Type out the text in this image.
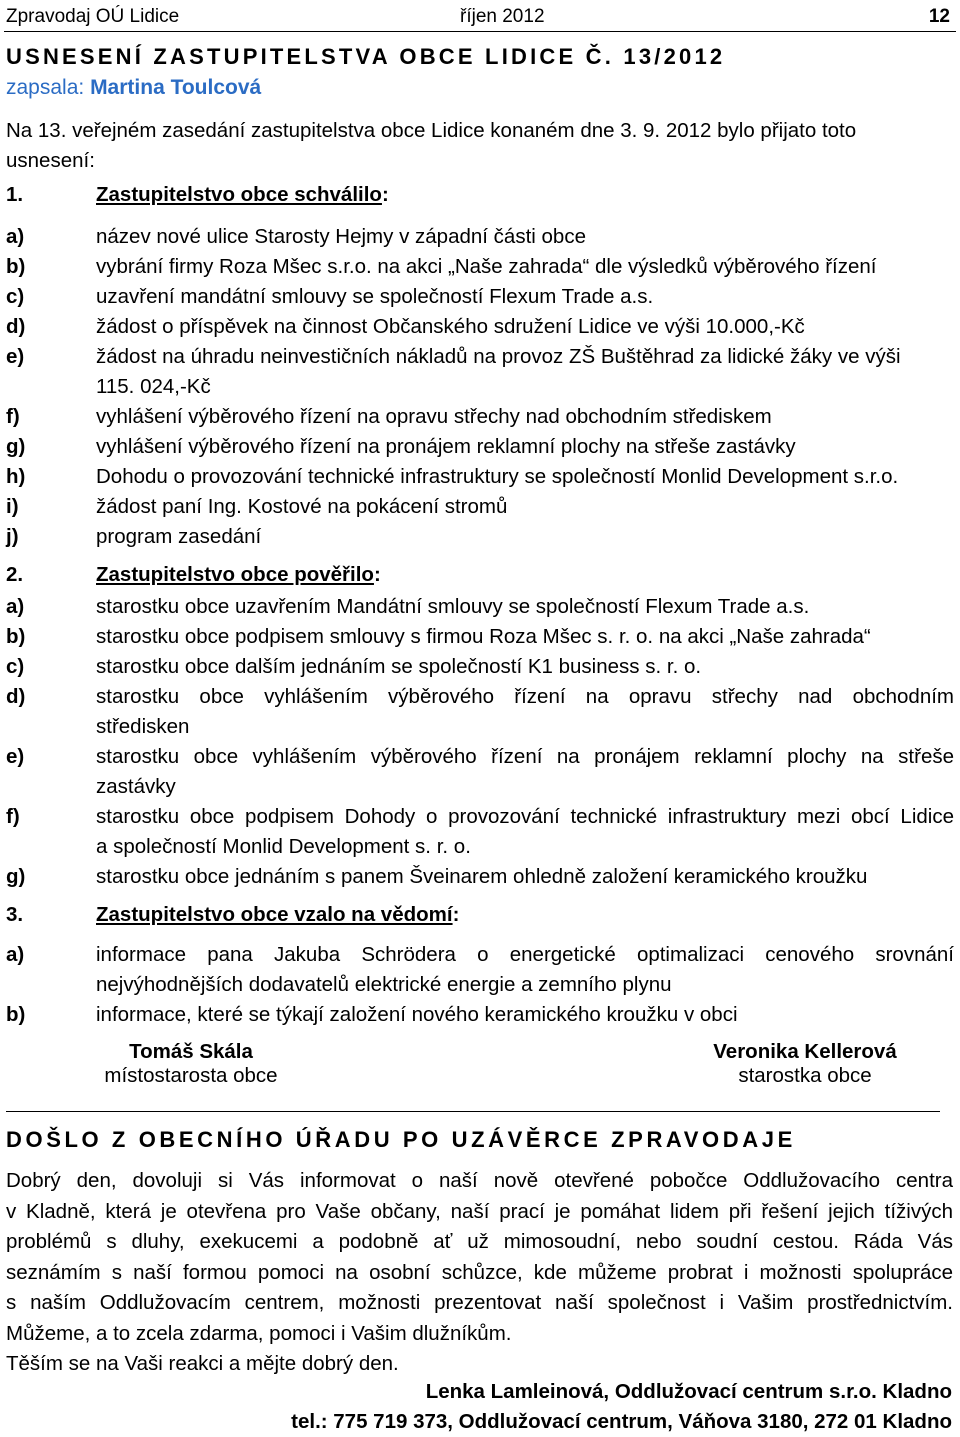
Zpravodaj OÚ Lidice	říjen 2012	12
USNESENÍ ZASTUPITELSTVA OBCE LIDICE Č. 13/2012
zapsala: Martina Toulcová
Na 13. veřejném zasedání zastupitelstva obce Lidice konaném dne 3. 9. 2012 bylo přijato toto
usnesení:
1.	Zastupitelstvo obce schválilo:
a)	název nové ulice Starosty Hejmy v západní části obce
b)	vybrání firmy Roza Mšec s.r.o. na akci „Naše zahrada“ dle výsledků výběrového řízení
c)	uzavření mandátní smlouvy se společností Flexum Trade a.s.
d)	žádost o příspěvek na činnost Občanského sdružení Lidice ve výši 10.000,-Kč
e)	žádost na úhradu neinvestičních nákladů na provoz ZŠ Buštěhrad za lidické žáky ve výši
115. 024,-Kč
f)	vyhlášení výběrového řízení na opravu střechy nad obchodním střediskem
g)	vyhlášení výběrového řízení na pronájem reklamní plochy na střeše zastávky
h)	Dohodu o provozování technické infrastruktury se společností Monlid Development s.r.o.
i)	žádost paní Ing. Kostové na pokácení stromů
j)	program zasedání
2.	Zastupitelstvo obce pověřilo:
a)	starostku obce uzavřením Mandátní smlouvy se společností Flexum Trade a.s.
b)	starostku obce podpisem smlouvy s firmou Roza Mšec s. r. o. na akci „Naše zahrada“
c)	starostku obce dalším jednáním se společností K1 business s. r. o.
d)	starostku obce vyhlášením výběrového řízení na opravu střechy nad obchodním
středisken
e)	starostku obce vyhlášením výběrového řízení na pronájem reklamní plochy na střeše
zastávky
f)	starostku obce podpisem Dohody o provozování technické infrastruktury mezi obcí Lidice
a společností Monlid Development s. r. o.
g)	starostku obce jednáním s panem Šveinarem ohledně založení keramického kroužku
3.	Zastupitelstvo obce vzalo na vědomí:
a)	informace pana Jakuba Schrödera o energetické optimalizaci cenového srovnání
nejvýhodnějších dodavatelů elektrické energie a zemního plynu
b)	informace, které se týkají založení nového keramického kroužku v obci
Tomáš Skála
místostarosta obce
Veronika Kellerová
starostka obce
DOŠLO Z OBECNÍHO ÚŘADU PO UZÁVĚRCE ZPRAVODAJE
Dobrý den, dovoluji si Vás informovat o naší nově otevřené pobočce Oddlužovacího centra
v Kladně, která je otevřena pro Vaše občany, naší prací je pomáhat lidem při řešení jejich tíživých
problémů s dluhy, exekucemi a podobně ať už mimosoudní, nebo soudní cestou. Ráda Vás
seznámím s naší formou pomoci na osobní schůzce, kde můžeme probrat i možnosti spolupráce
s naším Oddlužovacím centrem, možnosti prezentovat naší společnost i Vašim prostřednictvím.
Můžeme, a to zcela zdarma, pomoci i Vašim dlužníkům.
Těším se na Vaši reakci a mějte dobrý den.
Lenka Lamleinová, Oddlužovací centrum s.r.o. Kladno
tel.: 775 719 373, Oddlužovací centrum, Váňova 3180, 272 01 Kladno
